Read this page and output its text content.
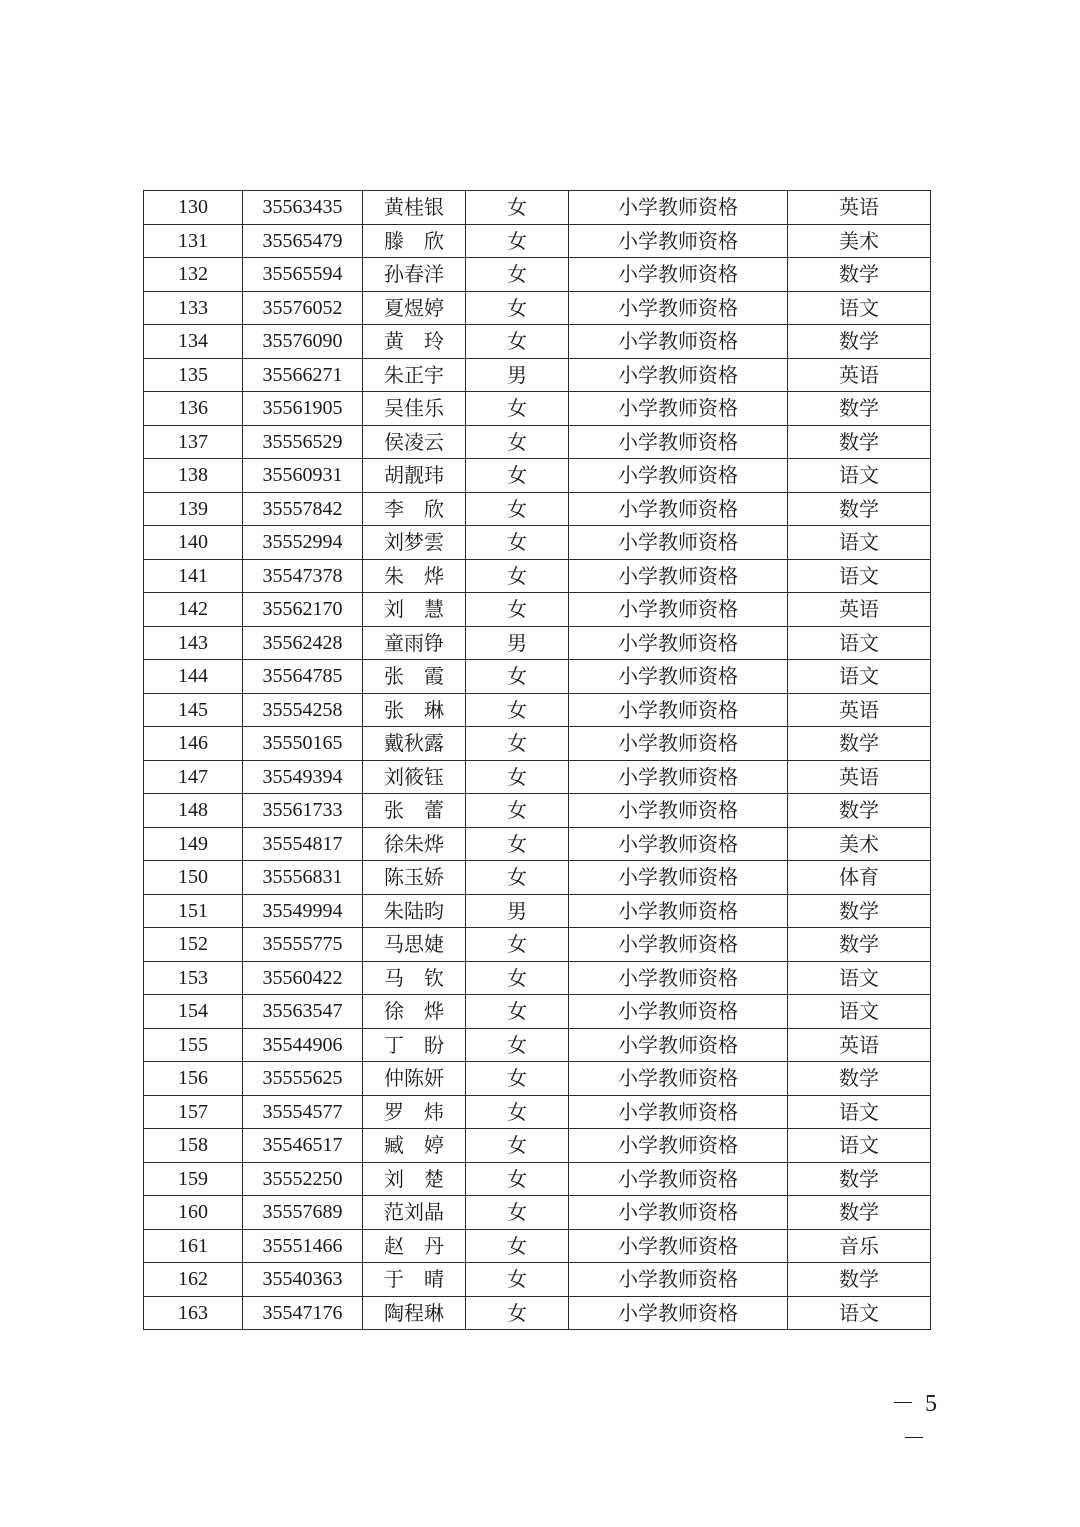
130	35563435	黄桂银	女	小学教师资格	英语
131	35565479	滕　欣	女	小学教师资格	美术
132	35565594	孙春洋	女	小学教师资格	数学
133	35576052	夏煜婷	女	小学教师资格	语文
134	35576090	黄　玲	女	小学教师资格	数学
135	35566271	朱正宇	男	小学教师资格	英语
136	35561905	吴佳乐	女	小学教师资格	数学
137	35556529	侯凌云	女	小学教师资格	数学
138	35560931	胡靓玮	女	小学教师资格	语文
139	35557842	李　欣	女	小学教师资格	数学
140	35552994	刘梦雲	女	小学教师资格	语文
141	35547378	朱　烨	女	小学教师资格	语文
142	35562170	刘　慧	女	小学教师资格	英语
143	35562428	童雨铮	男	小学教师资格	语文
144	35564785	张　霞	女	小学教师资格	语文
145	35554258	张　琳	女	小学教师资格	英语
146	35550165	戴秋露	女	小学教师资格	数学
147	35549394	刘筱钰	女	小学教师资格	英语
148	35561733	张　蕾	女	小学教师资格	数学
149	35554817	徐朱烨	女	小学教师资格	美术
150	35556831	陈玉娇	女	小学教师资格	体育
151	35549994	朱陆昀	男	小学教师资格	数学
152	35555775	马思婕	女	小学教师资格	数学
153	35560422	马　钦	女	小学教师资格	语文
154	35563547	徐　烨	女	小学教师资格	语文
155	35544906	丁　盼	女	小学教师资格	英语
156	35555625	仲陈妍	女	小学教师资格	数学
157	35554577	罗　炜	女	小学教师资格	语文
158	35546517	臧　婷	女	小学教师资格	语文
159	35552250	刘　楚	女	小学教师资格	数学
160	35557689	范刘晶	女	小学教师资格	数学
161	35551466	赵　丹	女	小学教师资格	音乐
162	35540363	于　晴	女	小学教师资格	数学
163	35547176	陶程琳	女	小学教师资格	语文
－ 5 －
